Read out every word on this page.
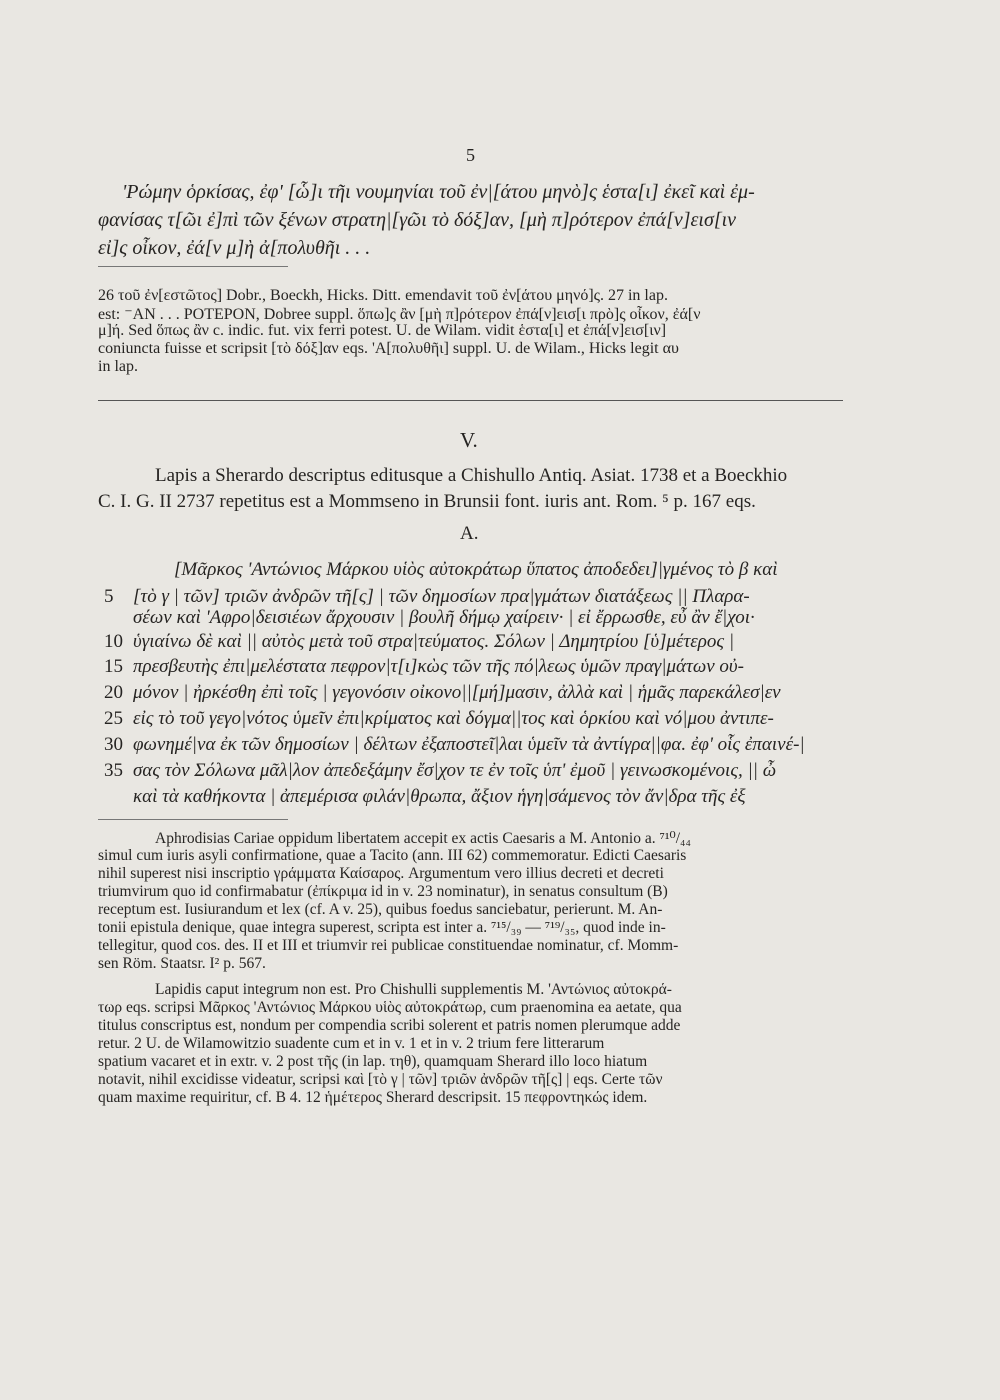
5
'Ρώμην ὁρκίσας, ἐφ' [ὧ]ι τῆι νουμηνίαι τοῦ ἐν|[άτου μηνὸ]ς ἑστα[ι] ἐκεῖ καὶ ἐμ-
φανίσας τ[ῶι ἐ]πὶ τῶν ξένων στρατη|[γῶι τὸ δόξ]αν, [μὴ π]ρότερον ἐπά[ν]εισ[ιν
εἰ]ς οἶκον, ἐά[ν μ]ὴ ἀ[πολυθῆι . . .
26 τοῦ ἐν[εστῶτος] Dobr., Boeckh, Hicks. Ditt. emendavit τοῦ ἐν[άτου μηνό]ς. 27 in lap.
est: ⁻ΑΝ . . . ΡΟΤΕΡΟΝ, Dobree suppl. ὅπω]ς ἂν [μὴ π]ρότερον ἐπά[ν]εισ[ι πρὸ]ς οἶκον, ἐά[ν
μ]ή. Sed ὅπως ἂν c. indic. fut. vix ferri potest. U. de Wilam. vidit ἑστα[ι] et ἐπά[ν]εισ[ιν]
coniuncta fuisse et scripsit [τὸ δόξ]αν eqs. 'Α[πολυθῆι] suppl. U. de Wilam., Hicks legit αυ
in lap.
V.
Lapis a Sherardo descriptus editusque a Chishullo Antiq. Asiat. 1738 et a Boeckhio
C. I. G. II 2737 repetitus est a Mommseno in Brunsii font. iuris ant. Rom. ⁵ p. 167 eqs.
A.
5
10
15
20
25
30
35
[Μᾶρκος 'Αντώνιος Μάρκου υἱὸς αὐτοκράτωρ ὕπατος ἀποδεδει]|γμένος τὸ β καὶ
[τὸ γ | τῶν] τριῶν ἀνδρῶν τῆ[ς] | τῶν δημοσίων πρα|γμάτων διατάξεως || Πλαρα-
σέων καὶ 'Αφρο|δεισιέων ἄρχουσιν | βουλῆ δήμῳ χαίρειν· | εἰ ἔρρωσθε, εὖ ἂν ἔ|χοι·
ὑγιαίνω δὲ καὶ || αὐτὸς μετὰ τοῦ στρα|τεύματος. Σόλων | Δημητρίου [ὑ]μέτερος |
πρεσβευτὴς ἐπι|μελέστατα πεφρον|τ[ι]κὼς τῶν τῆς πό|λεως ὑμῶν πραγ|μάτων οὐ-
μόνον | ἠρκέσθη ἐπὶ τοῖς | γεγονόσιν οἰκονο||[μή]μασιν, ἀλλὰ καὶ | ἡμᾶς παρεκάλεσ|εν
εἰς τὸ τοῦ γεγο|νότος ὑμεῖν ἐπι|κρίματος καὶ δόγμα||τος καὶ ὁρκίου καὶ νό|μου ἀντιπε-
φωνημέ|να ἐκ τῶν δημοσίων | δέλτων ἐξαποστεῖ|λαι ὑμεῖν τὰ ἀντίγρα||φα. ἐφ' οἷς ἐπαινέ-|
σας τὸν Σόλωνα μᾶλ|λον ἀπεδεξάμην ἔσ|χον τε ἐν τοῖς ὑπ' ἐμοῦ | γεινωσκομένοις, || ὦ
καὶ τὰ καθήκοντα | ἀπεμέρισα φιλάν|θρωπα, ἄξιον ἡγη|σάμενος τὸν ἄν|δρα τῆς ἐξ
Aphrodisias Cariae oppidum libertatem accepit ex actis Caesaris a M. Antonio a. ⁷¹⁰/₄₄
simul cum iuris asyli confirmatione, quae a Tacito (ann. III 62) commemoratur. Edicti Caesaris
nihil superest nisi inscriptio γράμματα Καίσαρος. Argumentum vero illius decreti et decreti
triumvirum quo id confirmabatur (ἐπίκριμα id in v. 23 nominatur), in senatus consultum (B)
receptum est. Iusiurandum et lex (cf. A v. 25), quibus foedus sanciebatur, perierunt. M. An-
tonii epistula denique, quae integra superest, scripta est inter a. ⁷¹⁵/₃₉ — ⁷¹⁹/₃₅, quod inde in-
tellegitur, quod cos. des. II et III et triumvir rei publicae constituendae nominatur, cf. Momm-
sen Röm. Staatsr. I² p. 567.
Lapidis caput integrum non est. Pro Chishulli supplementis Μ. 'Αντώνιος αὐτοκρά-
τωρ eqs. scripsi Μᾶρκος 'Αντώνιος Μάρκου υἱὸς αὐτοκράτωρ, cum praenomina ea aetate, qua
titulus conscriptus est, nondum per compendia scribi solerent et patris nomen plerumque adde
retur. 2 U. de Wilamowitzio suadente cum et in v. 1 et in v. 2 trium fere litterarum
spatium vacaret et in extr. v. 2 post τῆς (in lap. τηθ), quamquam Sherard illo loco hiatum
notavit, nihil excidisse videatur, scripsi καὶ [τὸ γ | τῶν] τριῶν ἀνδρῶν τῆ[ς] | eqs. Certe τῶν
quam maxime requiritur, cf. B 4. 12 ἡμέτερος Sherard descripsit. 15 πεφροντηκώς idem.
